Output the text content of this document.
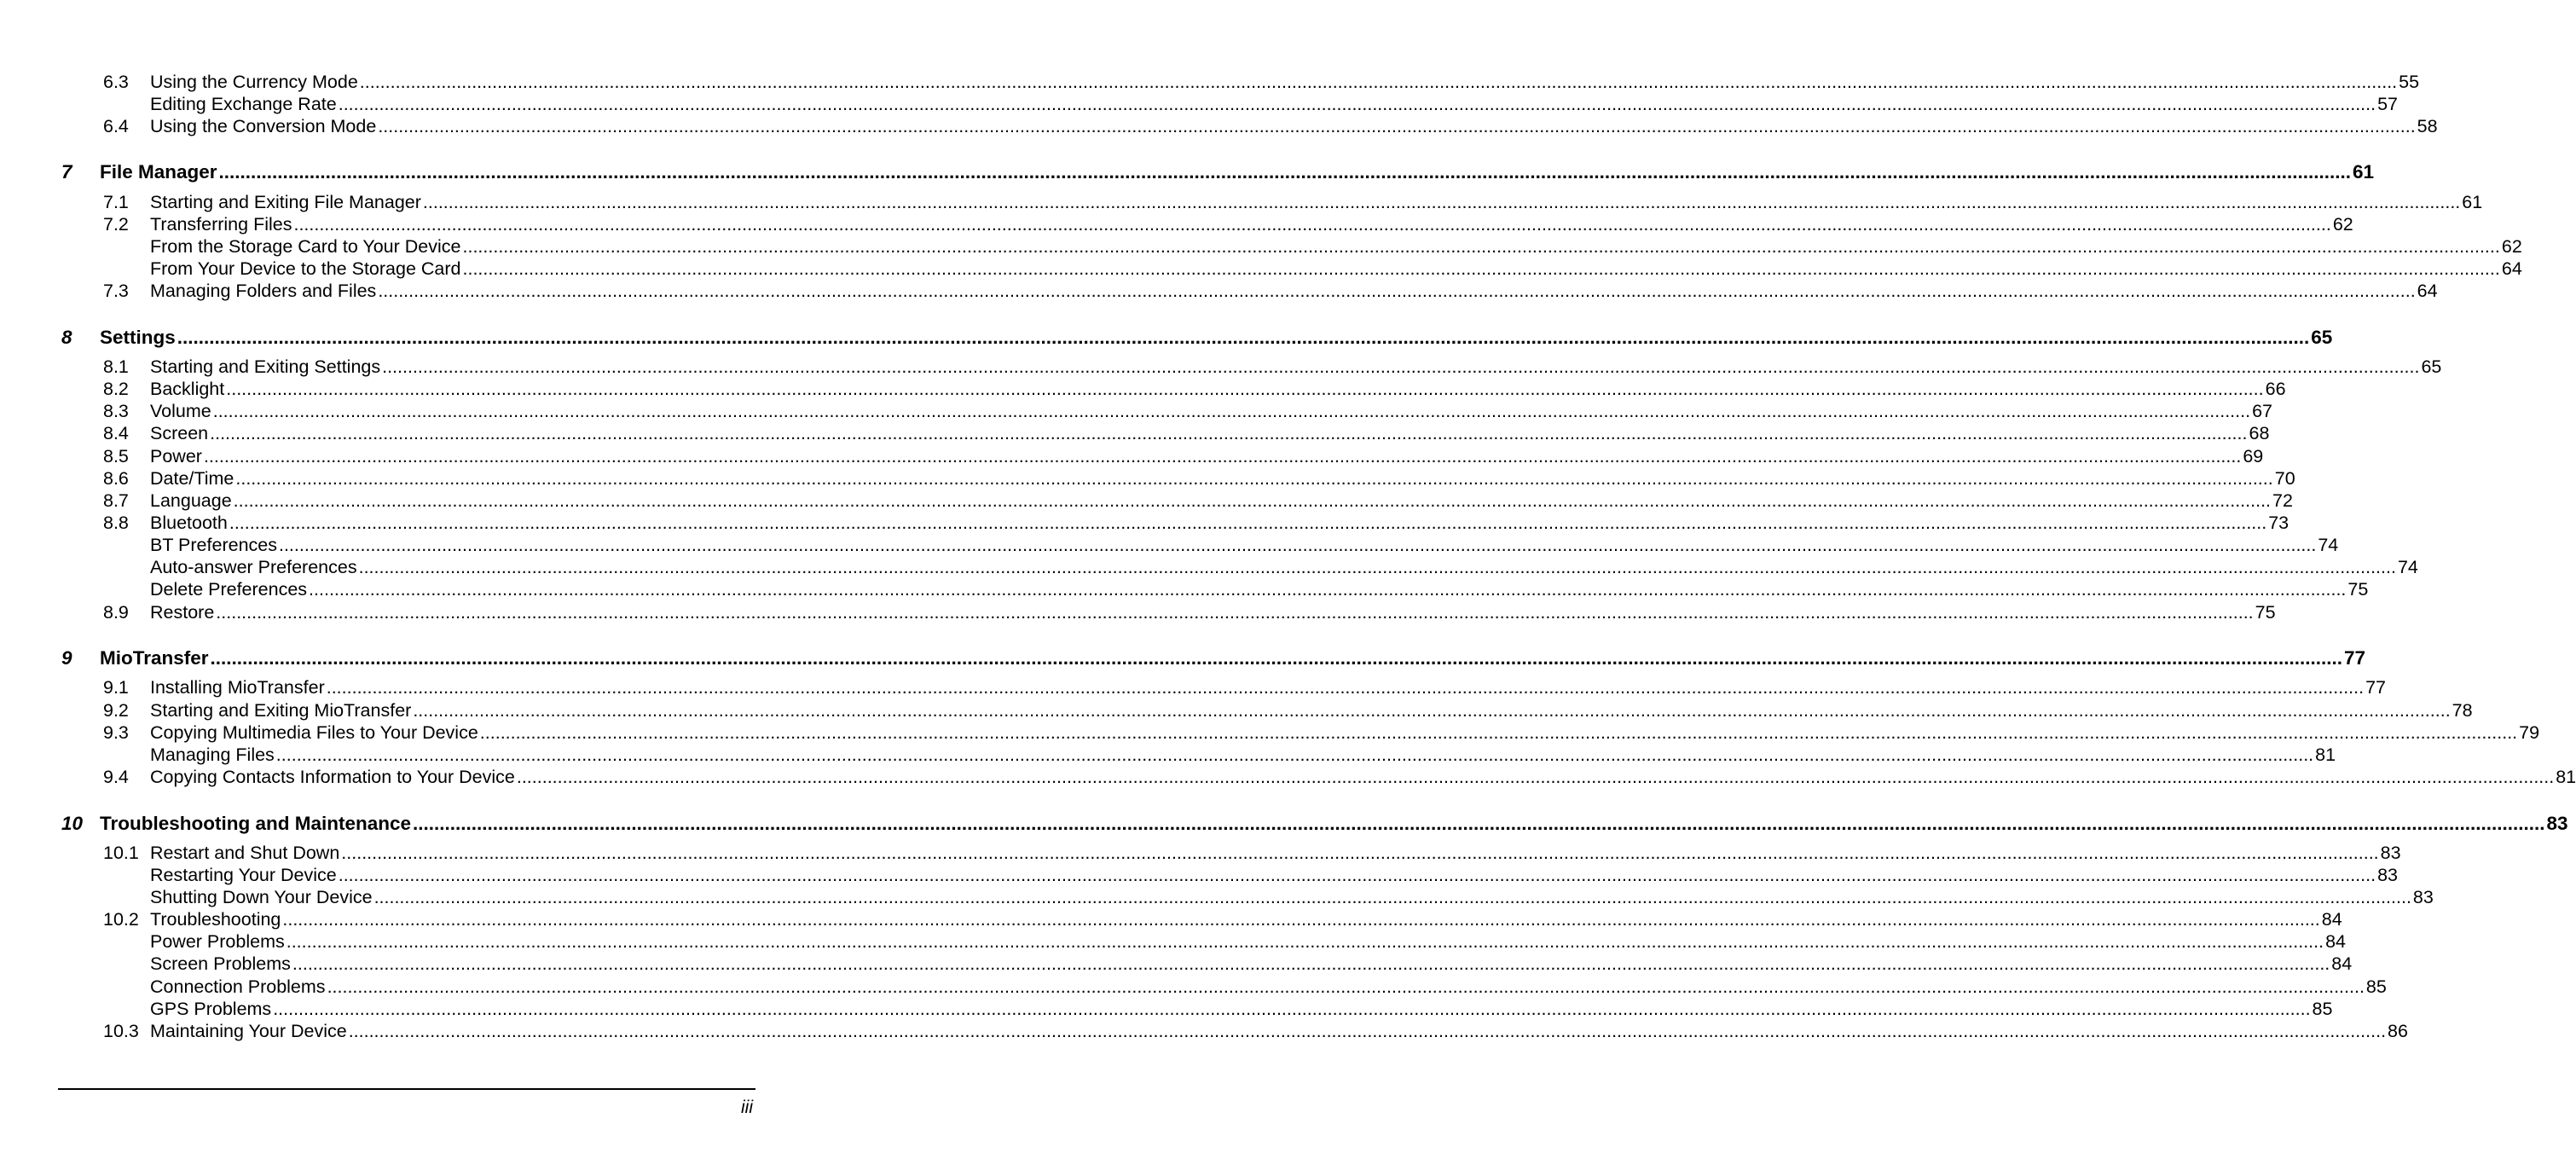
6.3 Using the Currency Mode ................................................................................................................................................................................................................................................................................................................................................................................................................ 55
Editing Exchange Rate ................................................................................................................................................................................................................................................................................................................................................................................................................ 57
6.4 Using the Conversion Mode ................................................................................................................................................................................................................................................................................................................................................................................................................ 58
7 File Manager ................................................................................................................................................................................................................................................................................................................................................................................................................ 61
7.1 Starting and Exiting File Manager ................................................................................................................................................................................................................................................................................................................................................................................................................ 61
7.2 Transferring Files ................................................................................................................................................................................................................................................................................................................................................................................................................ 62
From the Storage Card to Your Device ................................................................................................................................................................................................................................................................................................................................................................................................................ 62
From Your Device to the Storage Card ................................................................................................................................................................................................................................................................................................................................................................................................................ 64
7.3 Managing Folders and Files ................................................................................................................................................................................................................................................................................................................................................................................................................ 64
8 Settings ................................................................................................................................................................................................................................................................................................................................................................................................................ 65
8.1 Starting and Exiting Settings ................................................................................................................................................................................................................................................................................................................................................................................................................ 65
8.2 Backlight ................................................................................................................................................................................................................................................................................................................................................................................................................ 66
8.3 Volume ................................................................................................................................................................................................................................................................................................................................................................................................................ 67
8.4 Screen ................................................................................................................................................................................................................................................................................................................................................................................................................ 68
8.5 Power ................................................................................................................................................................................................................................................................................................................................................................................................................ 69
8.6 Date/Time ................................................................................................................................................................................................................................................................................................................................................................................................................ 70
8.7 Language ................................................................................................................................................................................................................................................................................................................................................................................................................ 72
8.8 Bluetooth ................................................................................................................................................................................................................................................................................................................................................................................................................ 73
BT Preferences ................................................................................................................................................................................................................................................................................................................................................................................................................ 74
Auto-answer Preferences ................................................................................................................................................................................................................................................................................................................................................................................................................ 74
Delete Preferences ................................................................................................................................................................................................................................................................................................................................................................................................................ 75
8.9 Restore ................................................................................................................................................................................................................................................................................................................................................................................................................ 75
9 MioTransfer ................................................................................................................................................................................................................................................................................................................................................................................................................ 77
9.1 Installing MioTransfer ................................................................................................................................................................................................................................................................................................................................................................................................................ 77
9.2 Starting and Exiting MioTransfer ................................................................................................................................................................................................................................................................................................................................................................................................................ 78
9.3 Copying Multimedia Files to Your Device ................................................................................................................................................................................................................................................................................................................................................................................................................ 79
Managing Files ................................................................................................................................................................................................................................................................................................................................................................................................................ 81
9.4 Copying Contacts Information to Your Device ................................................................................................................................................................................................................................................................................................................................................................................................................ 81
10 Troubleshooting and Maintenance ................................................................................................................................................................................................................................................................................................................................................................................................................ 83
10.1 Restart and Shut Down ................................................................................................................................................................................................................................................................................................................................................................................................................ 83
Restarting Your Device ................................................................................................................................................................................................................................................................................................................................................................................................................ 83
Shutting Down Your Device ................................................................................................................................................................................................................................................................................................................................................................................................................ 83
10.2 Troubleshooting ................................................................................................................................................................................................................................................................................................................................................................................................................ 84
Power Problems ................................................................................................................................................................................................................................................................................................................................................................................................................ 84
Screen Problems ................................................................................................................................................................................................................................................................................................................................................................................................................ 84
Connection Problems ................................................................................................................................................................................................................................................................................................................................................................................................................ 85
GPS Problems ................................................................................................................................................................................................................................................................................................................................................................................................................ 85
10.3 Maintaining Your Device ................................................................................................................................................................................................................................................................................................................................................................................................................ 86
iii
